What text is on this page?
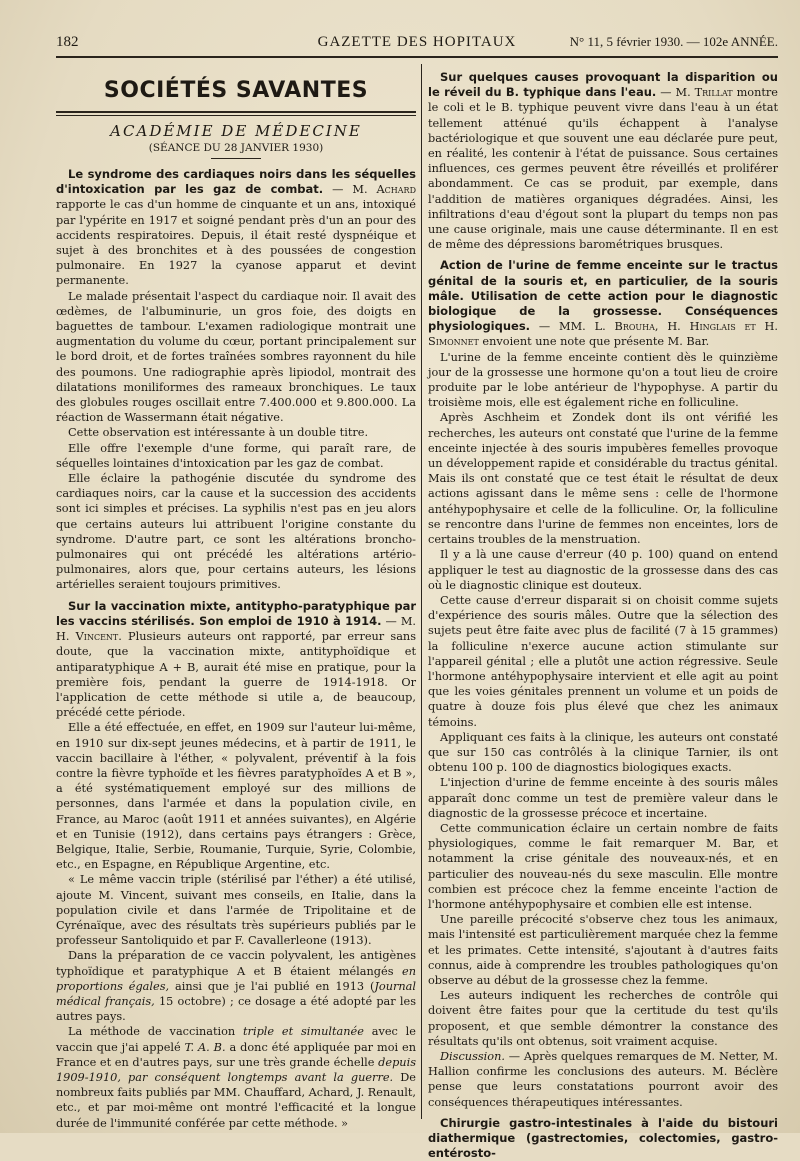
182	GAZETTE DES HOPITAUX	N° 11, 5 février 1930. — 102e ANNÉE.
SOCIÉTÉS SAVANTES
ACADÉMIE DE MÉDECINE
(SÉANCE DU 28 JANVIER 1930)

Le syndrome des cardiaques noirs dans les séquelles d'intoxication par les gaz de combat. — M. Achard rapporte le cas d'un homme de cinquante et un ans, intoxiqué par l'ypérite en 1917 et soigné pendant près d'un an pour des accidents respiratoires. Depuis, il était resté dyspnéique et sujet à des bronchites et à des poussées de congestion pulmonaire. En 1927 la cyanose apparut et devint permanente.

Le malade présentait l'aspect du cardiaque noir. Il avait des œdèmes, de l'albuminurie, un gros foie, des doigts en baguettes de tambour. L'examen radiologique montrait une augmentation du volume du cœur, portant principalement sur le bord droit, et de fortes traînées sombres rayonnent du hile des poumons. Une radiographie après lipiodol, montrait des dilatations moniliformes des rameaux bronchiques. Le taux des globules rouges oscillait entre 7.400.000 et 9.800.000. La réaction de Wassermann était négative.

Cette observation est intéressante à un double titre.

Elle offre l'exemple d'une forme, qui paraît rare, de séquelles lointaines d'intoxication par les gaz de combat.

Elle éclaire la pathogénie discutée du syndrome des cardiaques noirs, car la cause et la succession des accidents sont ici simples et précises. La syphilis n'est pas en jeu alors que certains auteurs lui attribuent l'origine constante du syndrome. D'autre part, ce sont les altérations broncho-pulmonaires qui ont précédé les altérations artério-pulmonaires, alors que, pour certains auteurs, les lésions artérielles seraient toujours primitives.

Sur la vaccination mixte, antitypho-paratyphique par les vaccins stérilisés. Son emploi de 1910 à 1914. — M. H. Vincent. Plusieurs auteurs ont rapporté, par erreur sans doute, que la vaccination mixte, antityphoïdique et antiparatyphique A + B, aurait été mise en pratique, pour la première fois, pendant la guerre de 1914-1918. Or l'application de cette méthode si utile a, de beaucoup, précédé cette période.

Elle a été effectuée, en effet, en 1909 sur l'auteur lui-même, en 1910 sur dix-sept jeunes médecins, et à partir de 1911, le vaccin bacillaire à l'éther, « polyvalent, préventif à la fois contre la fièvre typhoïde et les fièvres paratyphoïdes A et B », a été systématiquement employé sur des millions de personnes, dans l'armée et dans la population civile, en France, au Maroc (août 1911 et années suivantes), en Algérie et en Tunisie (1912), dans certains pays étrangers : Grèce, Belgique, Italie, Serbie, Roumanie, Turquie, Syrie, Colombie, etc., en Espagne, en République Argentine, etc.

« Le même vaccin triple (stérilisé par l'éther) a été utilisé, ajoute M. Vincent, suivant mes conseils, en Italie, dans la population civile et dans l'armée de Tripolitaine et de Cyrénaïque, avec des résultats très supérieurs publiés par le professeur Santoliquido et par F. Cavallerleone (1913).

Dans la préparation de ce vaccin polyvalent, les antigènes typhoïdique et paratyphique A et B étaient mélangés en proportions égales, ainsi que je l'ai publié en 1913 (Journal médical français, 15 octobre) ; ce dosage a été adopté par les autres pays.

La méthode de vaccination triple et simultanée avec le vaccin que j'ai appelé T. A. B. a donc été appliquée par moi en France et en d'autres pays, sur une très grande échelle depuis 1909-1910, par conséquent longtemps avant la guerre. De nombreux faits publiés par MM. Chauffard, Achard, J. Renault, etc., et par moi-même ont montré l'efficacité et la longue durée de l'immunité conférée par cette méthode. »

Sur quelques causes provoquant la disparition ou le réveil du B. typhique dans l'eau. — M. Trillat montre le coli et le B. typhique peuvent vivre dans l'eau à un état tellement atténué qu'ils échappent à l'analyse bactériologique et que souvent une eau déclarée pure peut, en réalité, les contenir à l'état de puissance. Sous certaines influences, ces germes peuvent être réveillés et proliférer abondamment. Ce cas se produit, par exemple, dans l'addition de matières organiques dégradées. Ainsi, les infiltrations d'eau d'égout sont la plupart du temps non pas une cause originale, mais une cause déterminante. Il en est de même des dépressions barométriques brusques.

Action de l'urine de femme enceinte sur le tractus génital de la souris et, en particulier, de la souris mâle. Utilisation de cette action pour le diagnostic biologique de la grossesse. Conséquences physiologiques. — MM. L. Brouha, H. Hinglais et H. Simonnet envoient une note que présente M. Bar.

L'urine de la femme enceinte contient dès le quinzième jour de la grossesse une hormone qu'on a tout lieu de croire produite par le lobe antérieur de l'hypophyse. A partir du troisième mois, elle est également riche en folliculine.

Après Aschheim et Zondek dont ils ont vérifié les recherches, les auteurs ont constaté que l'urine de la femme enceinte injectée à des souris impubères femelles provoque un développement rapide et considérable du tractus génital. Mais ils ont constaté que ce test était le résultat de deux actions agissant dans le même sens : celle de l'hormone antéhypophysaire et celle de la folliculine. Or, la folliculine se rencontre dans l'urine de femmes non enceintes, lors de certains troubles de la menstruation.

Il y a là une cause d'erreur (40 p. 100) quand on entend appliquer le test au diagnostic de la grossesse dans des cas où le diagnostic clinique est douteux.

Cette cause d'erreur disparait si on choisit comme sujets d'expérience des souris mâles. Outre que la sélection des sujets peut être faite avec plus de facilité (7 à 15 grammes) la folliculine n'exerce aucune action stimulante sur l'appareil génital ; elle a plutôt une action régressive. Seule l'hormone antéhypophysaire intervient et elle agit au point que les voies génitales prennent un volume et un poids de quatre à douze fois plus élevé que chez les animaux témoins.

Appliquant ces faits à la clinique, les auteurs ont constaté que sur 150 cas contrôlés à la clinique Tarnier, ils ont obtenu 100 p. 100 de diagnostics biologiques exacts.

L'injection d'urine de femme enceinte à des souris mâles apparaît donc comme un test de première valeur dans le diagnostic de la grossesse précoce et incertaine.

Cette communication éclaire un certain nombre de faits physiologiques, comme le fait remarquer M. Bar, et notamment la crise génitale des nouveaux-nés, et en particulier des nouveau-nés du sexe masculin. Elle montre combien est précoce chez la femme enceinte l'action de l'hormone antéhypophysaire et combien elle est intense.

Une pareille précocité s'observe chez tous les animaux, mais l'intensité est particulièrement marquée chez la femme et les primates. Cette intensité, s'ajoutant à d'autres faits connus, aide à comprendre les troubles pathologiques qu'on observe au début de la grossesse chez la femme.

Les auteurs indiquent les recherches de contrôle qui doivent être faites pour que la certitude du test qu'ils proposent, et que semble démontrer la constance des résultats qu'ils ont obtenus, soit vraiment acquise.

Discussion. — Après quelques remarques de M. Netter, M. Hallion confirme les conclusions des auteurs. M. Béclère pense que leurs constatations pourront avoir des conséquences thérapeutiques intéressantes.

Chirurgie gastro-intestinales à l'aide du bistouri diathermique (gastrectomies, colectomies, gastro-entérosto-
